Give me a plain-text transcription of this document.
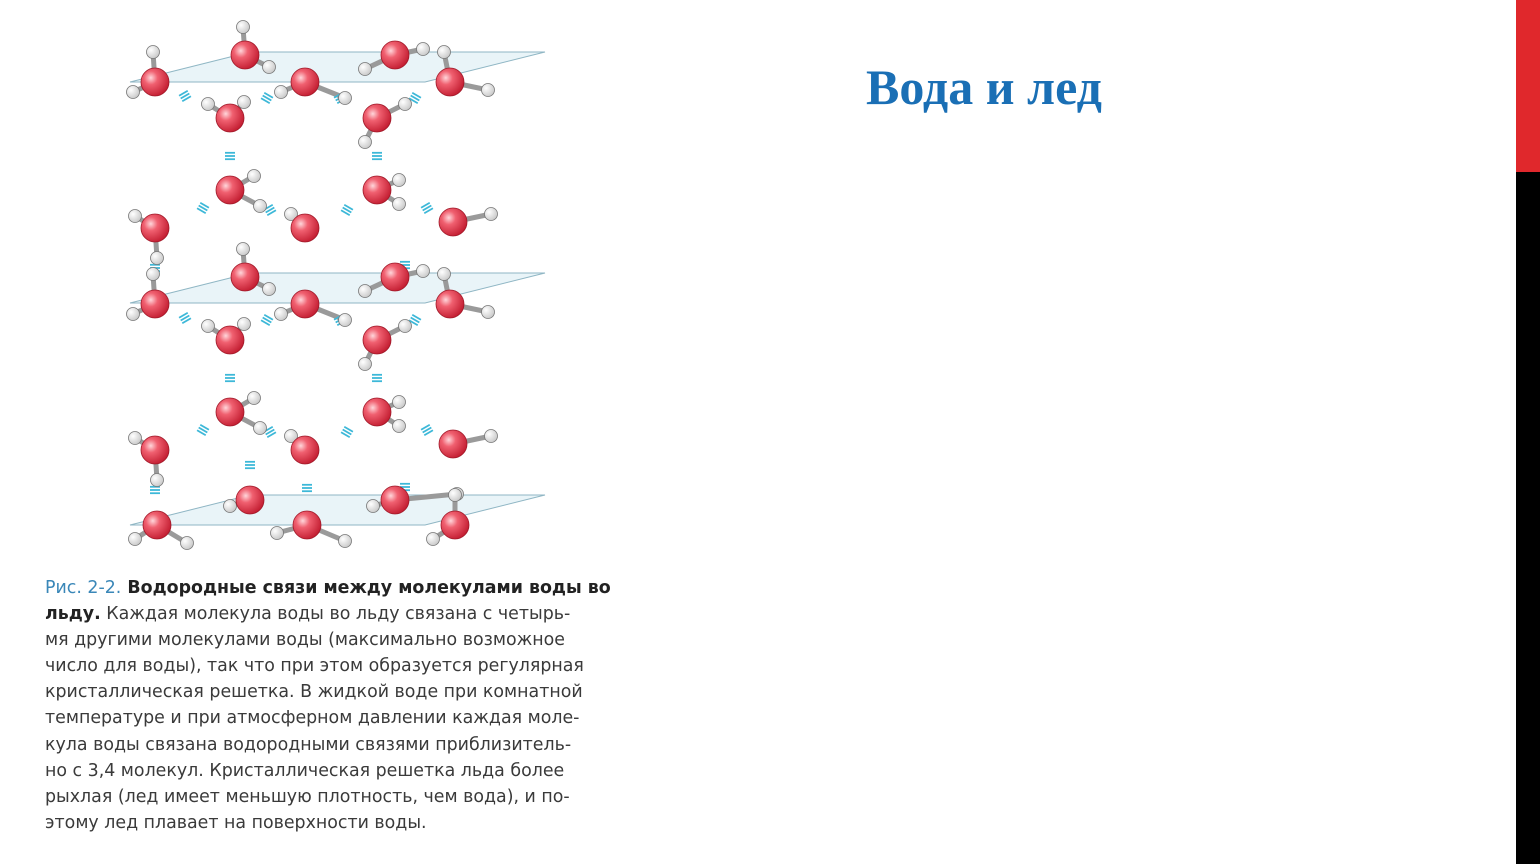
Вода и лед
Рис. 2-2. Водородные связи между молекулами воды во
льду. Каждая молекула воды во льду связана с четырь-
мя другими молекулами воды (максимально возможное
число для воды), так что при этом образуется регулярная
кристаллическая решетка. В жидкой воде при комнатной
температуре и при атмосферном давлении каждая моле-
кула воды связана водородными связями приблизитель-
но с 3,4 молекул. Кристаллическая решетка льда более
рыхлая (лед имеет меньшую плотность, чем вода), и по-
этому лед плавает на поверхности воды.
